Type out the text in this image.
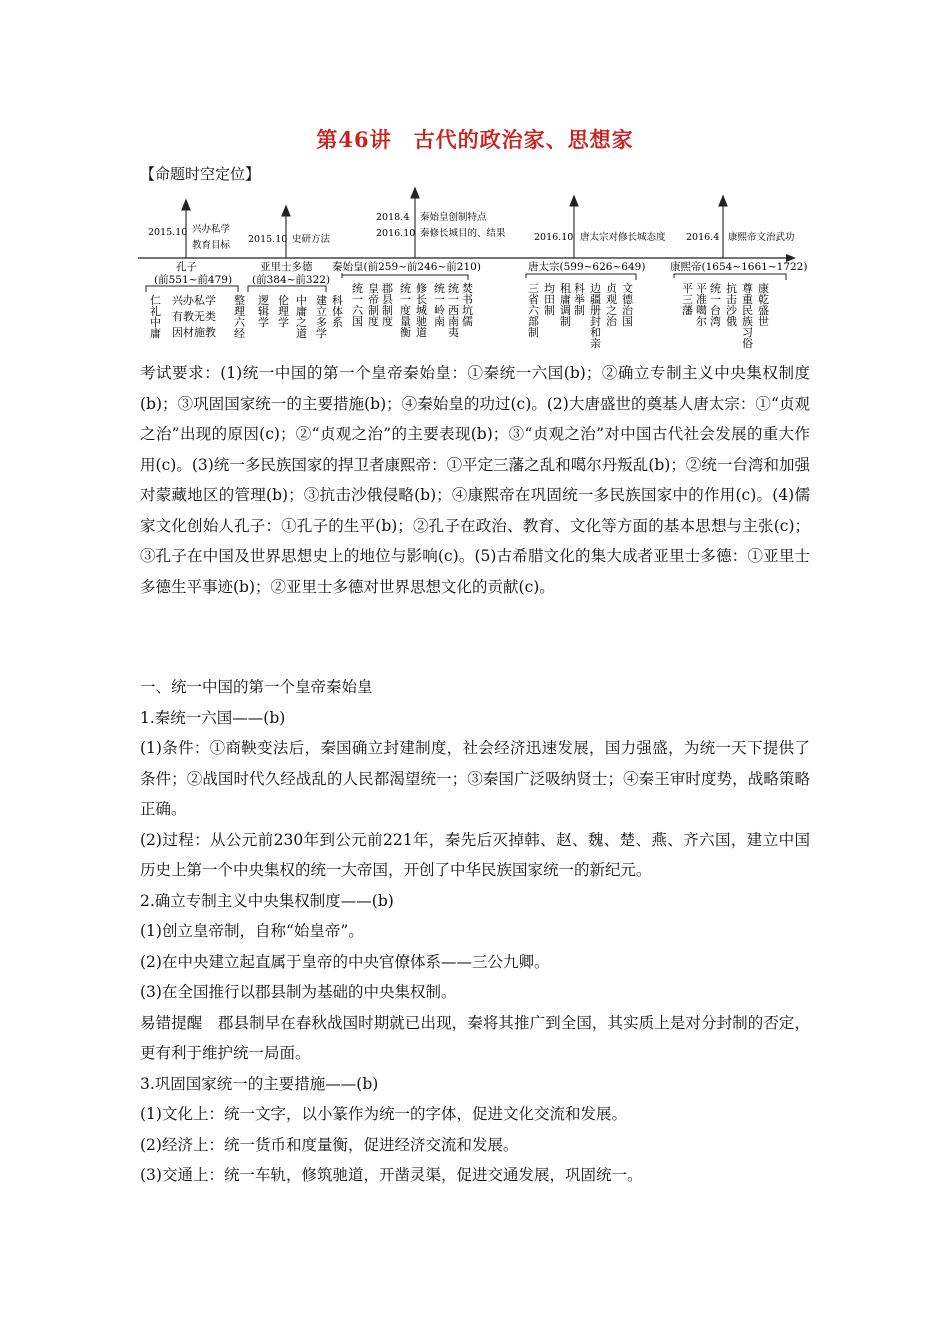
第46讲　古代的政治家、思想家
【命题时空定位】
2015.10 兴办私学
教育目标
2015.10 史研方法
2018.4 秦始皇创制特点
2016.10 秦修长城目的、结果	2016.10 唐太宗对修长城态度 2016.4 康熙帝文治武功
孔子
(前551~前479)
亚里士多德
(前384~前322)
秦始皇(前259~前246~前210)	唐太宗(599~626~649) 康熙帝(1654~1661~1722)
仁
礼
中
庸
兴办私学
有教无类
因材施教
整
理
六
经
逻
辑
学
伦
理
学
中
庸
之
道
建
立
多
学
科
体
系
统
一
六
国
皇
帝
制
度
郡
县
制
度
统
一
度
量
衡
修
长
城
驰
道
统
一
岭
南
统
一
西
南
夷
焚
书
坑
儒
三
省
六
部
制
均
田
制
租
庸
调
制
科
举
制
边
疆
册
封
和
亲
贞
观
之
治
文
德
治
国
平
三
藩
平
准
噶
尔
统
一
台
湾
抗
击
沙
俄
尊
重
民
族
习
俗
康
乾
盛
世
考试要求：(1)统一中国的第一个皇帝秦始皇：①秦统一六国(b)；②确立专制主义中央集权制度(b)；③巩固国家统一的主要措施(b)；④秦始皇的功过(c)。(2)大唐盛世的奠基人唐太宗：①“贞观之治”出现的原因(c)；②“贞观之治”的主要表现(b)；③“贞观之治”对中国古代社会发展的重大作用(c)。(3)统一多民族国家的捍卫者康熙帝：①平定三藩之乱和噶尔丹叛乱(b)；②统一台湾和加强对蒙藏地区的管理(b)；③抗击沙俄侵略(b)；④康熙帝在巩固统一多民族国家中的作用(c)。(4)儒家文化创始人孔子：①孔子的生平(b)；②孔子在政治、教育、文化等方面的基本思想与主张(c)；③孔子在中国及世界思想史上的地位与影响(c)。(5)古希腊文化的集大成者亚里士多德：①亚里士多德生平事迹(b)；②亚里士多德对世界思想文化的贡献(c)。

一、统一中国的第一个皇帝秦始皇

1.秦统一六国——(b)

(1)条件：①商鞅变法后，秦国确立封建制度，社会经济迅速发展，国力强盛，为统一天下提供了条件；②战国时代久经战乱的人民都渴望统一；③秦国广泛吸纳贤士；④秦王审时度势，战略策略正确。

(2)过程：从公元前230年到公元前221年，秦先后灭掉韩、赵、魏、楚、燕、齐六国，建立中国历史上第一个中央集权的统一大帝国，开创了中华民族国家统一的新纪元。

2.确立专制主义中央集权制度——(b)

(1)创立皇帝制，自称“始皇帝”。

(2)在中央建立起直属于皇帝的中央官僚体系——三公九卿。

(3)在全国推行以郡县制为基础的中央集权制。

易错提醒　郡县制早在春秋战国时期就已出现，秦将其推广到全国，其实质上是对分封制的否定，更有利于维护统一局面。

3.巩固国家统一的主要措施——(b)

(1)文化上：统一文字，以小篆作为统一的字体，促进文化交流和发展。

(2)经济上：统一货币和度量衡，促进经济交流和发展。

(3)交通上：统一车轨，修筑驰道，开凿灵渠，促进交通发展，巩固统一。
